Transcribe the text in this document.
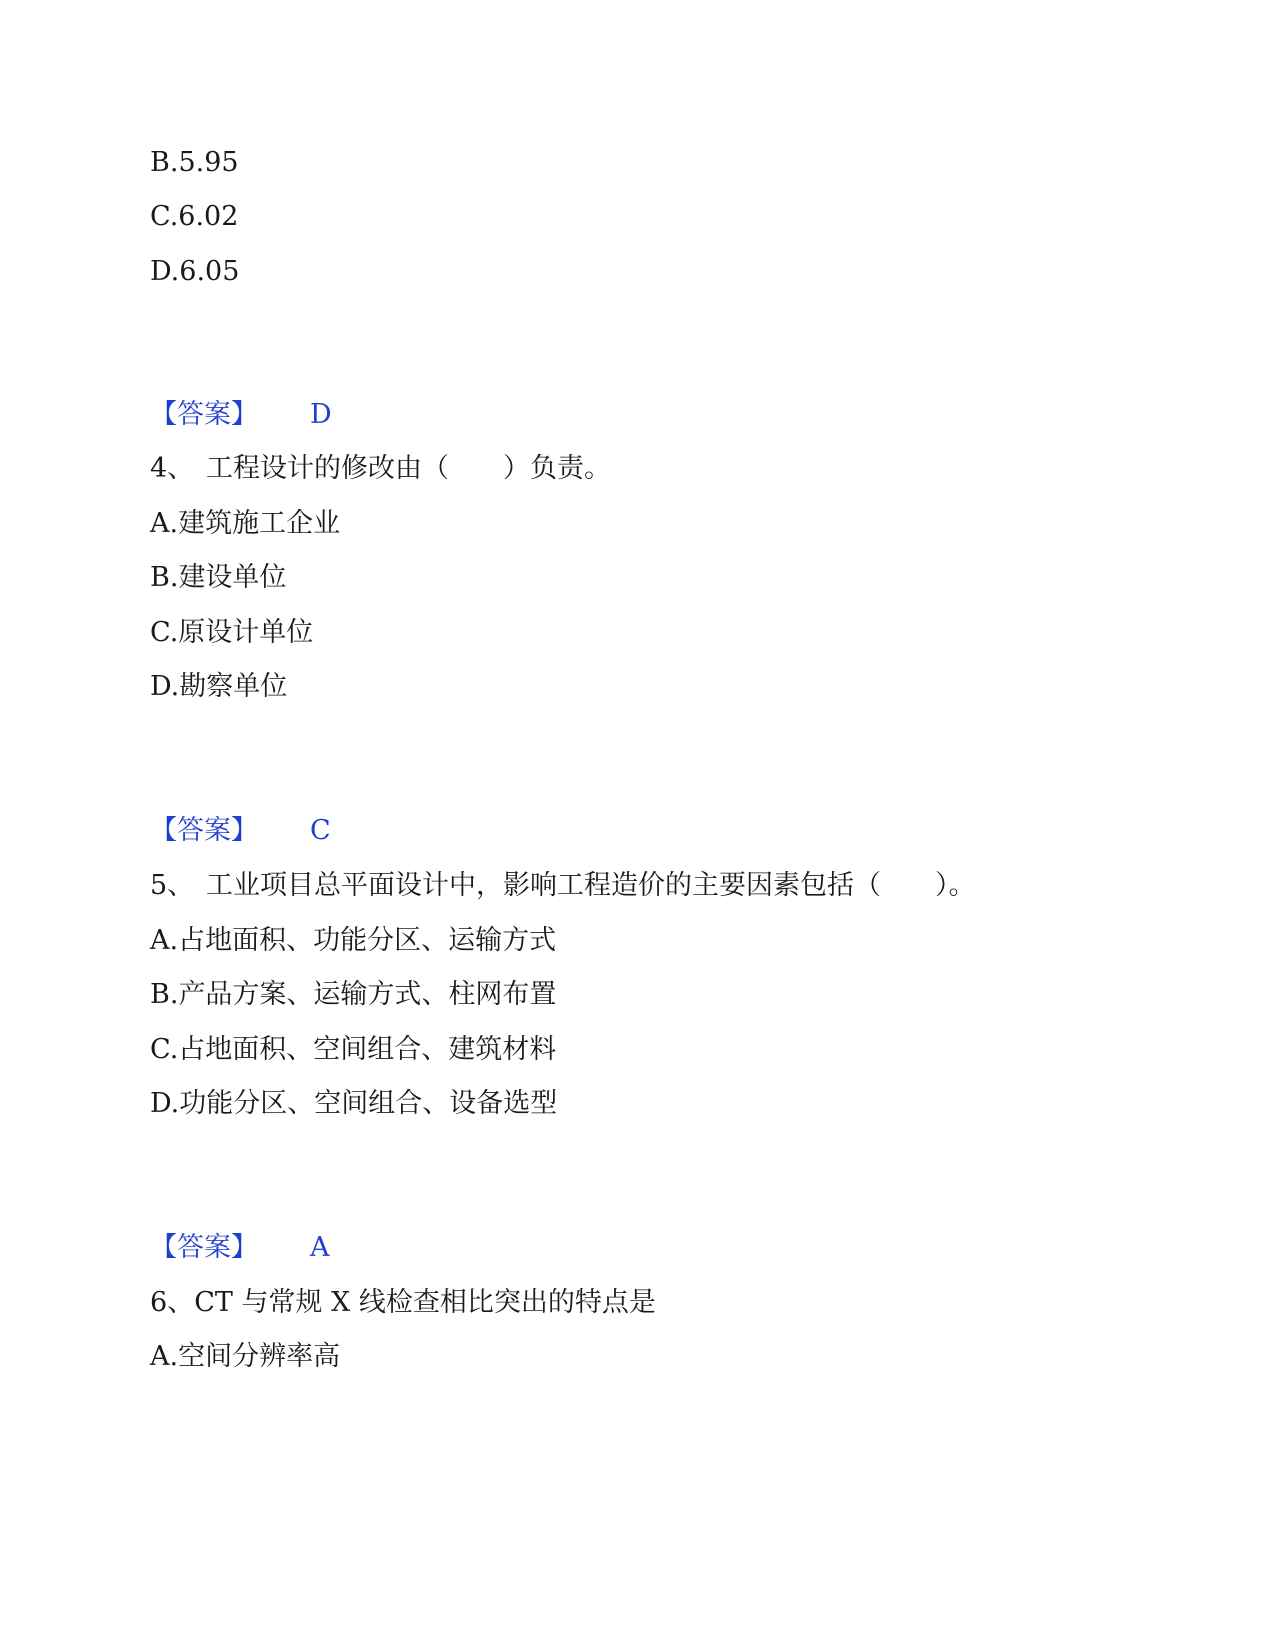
B.5.95
C.6.02
D.6.05
【答案】 D
4、 工程设计的修改由（　　）负责。
A.建筑施工企业
B.建设单位
C.原设计单位
D.勘察单位
【答案】 C
5、 工业项目总平面设计中，影响工程造价的主要因素包括（　　）。
A.占地面积、功能分区、运输方式
B.产品方案、运输方式、柱网布置
C.占地面积、空间组合、建筑材料
D.功能分区、空间组合、设备选型
【答案】 A
6、CT 与常规 X 线检查相比突出的特点是
A.空间分辨率高
